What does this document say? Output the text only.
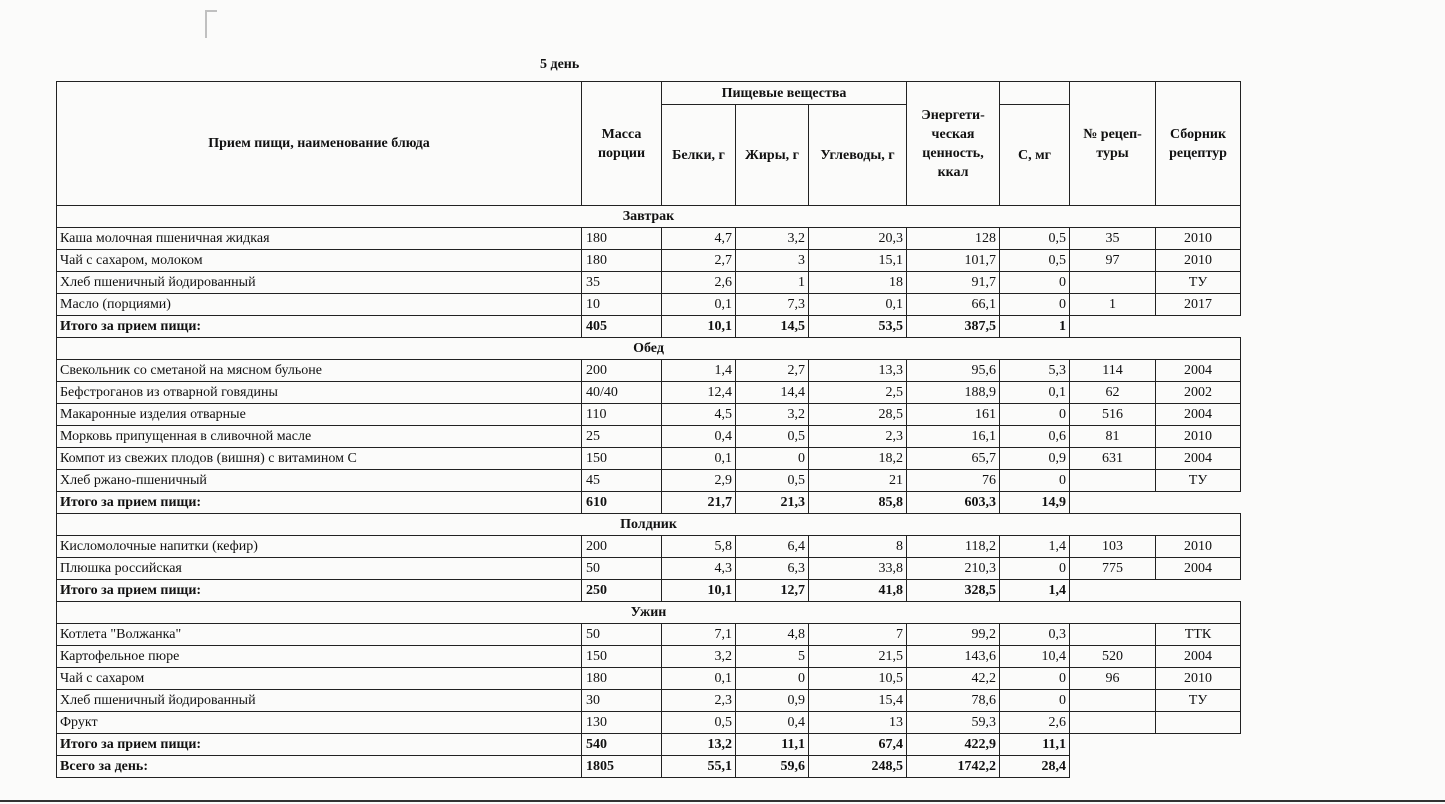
5 день
Прием пищи, наименование блюда	Масса порции	Пищевые вещества			Энергети-ческая ценность, ккал		№ рецеп-туры	Сборник рецептур
		Белки, г	Жиры, г	Углеводы, г		С, мг		
Завтрак								
Каша молочная пшеничная жидкая	180	4,7	3,2	20,3	128	0,5	35	2010
Чай с сахаром, молоком	180	2,7	3	15,1	101,7	0,5	97	2010
Хлеб пшеничный йодированный	35	2,6	1	18	91,7	0		ТУ
Масло (порциями)	10	0,1	7,3	0,1	66,1	0	1	2017
Итого за прием пищи:	405	10,1	14,5	53,5	387,5	1		
Обед								
Свекольник со сметаной на мясном бульоне	200	1,4	2,7	13,3	95,6	5,3	114	2004
Бефстроганов из отварной говядины	40/40	12,4	14,4	2,5	188,9	0,1	62	2002
Макаронные изделия отварные	110	4,5	3,2	28,5	161	0	516	2004
Морковь припущенная в сливочной масле	25	0,4	0,5	2,3	16,1	0,6	81	2010
Компот из свежих плодов (вишня) с витамином С	150	0,1	0	18,2	65,7	0,9	631	2004
Хлеб ржано-пшеничный	45	2,9	0,5	21	76	0		ТУ
Итого за прием пищи:	610	21,7	21,3	85,8	603,3	14,9		
Полдник								
Кисломолочные напитки (кефир)	200	5,8	6,4	8	118,2	1,4	103	2010
Плюшка российская	50	4,3	6,3	33,8	210,3	0	775	2004
Итого за прием пищи:	250	10,1	12,7	41,8	328,5	1,4		
Ужин								
Котлета "Волжанка"	50	7,1	4,8	7	99,2	0,3		ТТК
Картофельное пюре	150	3,2	5	21,5	143,6	10,4	520	2004
Чай с сахаром	180	0,1	0	10,5	42,2	0	96	2010
Хлеб пшеничный йодированный	30	2,3	0,9	15,4	78,6	0		ТУ
Фрукт	130	0,5	0,4	13	59,3	2,6		
Итого за прием пищи:	540	13,2	11,1	67,4	422,9	11,1		
Всего за день:	1805	55,1	59,6	248,5	1742,2	28,4		
